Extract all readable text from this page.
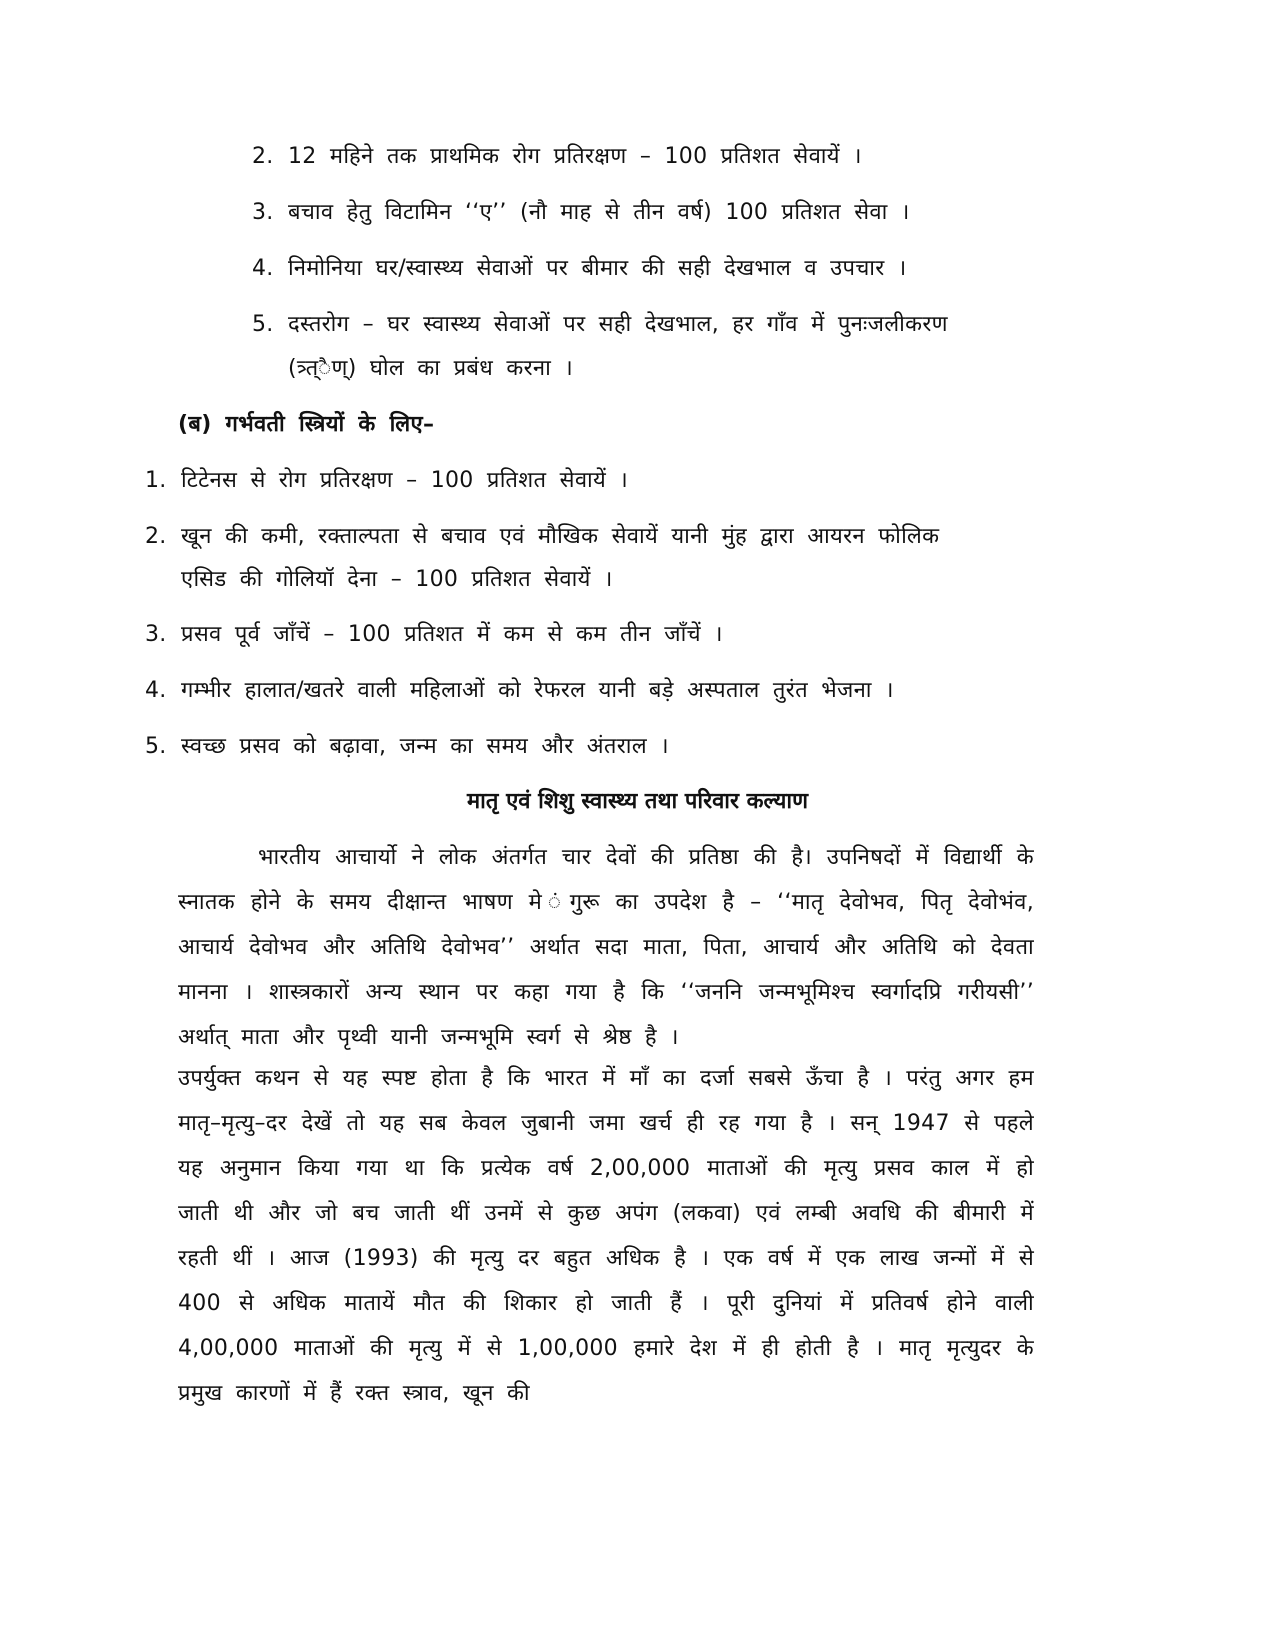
2. 12 महिने तक प्राथमिक रोग प्रतिरक्षण – 100 प्रतिशत सेवायें ।
3. बचाव हेतु विटामिन ‘‘ए’’ (नौ माह से तीन वर्ष) 100 प्रतिशत सेवा ।
4. निमोनिया घर/स्वास्थ्य सेवाओं पर बीमार की सही देखभाल व उपचार ।
5. दस्तरोग – घर स्वास्थ्य सेवाओं पर सही देखभाल, हर गाँव में पुनःजलीकरण
(त्र्त्ैण्) घोल का प्रबंध करना ।
(ब) गर्भवती स्त्रियों के लिए–
1. टिटेनस से रोग प्रतिरक्षण – 100 प्रतिशत सेवायें ।
2. खून की कमी, रक्ताल्पता से बचाव एवं मौखिक सेवायें यानी मुंह द्वारा आयरन फोलिक
एसिड की गोलियॉ देना – 100 प्रतिशत सेवायें ।
3. प्रसव पूर्व जाँचें – 100 प्रतिशत में कम से कम तीन जाँचें ।
4. गम्भीर हालात/खतरे वाली महिलाओं को रेफरल यानी बड़े अस्पताल तुरंत भेजना ।
5. स्वच्छ प्रसव को बढ़ावा, जन्म का समय और अंतराल ।
मातृ एवं शिशु स्वास्थ्य तथा परिवार कल्याण
भारतीय आचार्यो ने लोक अंतर्गत चार देवों की प्रतिष्ठा की है। उपनिषदों में विद्यार्थी के स्नातक होने के समय दीक्षान्त भाषण मे ंगुरू का उपदेश है – ‘‘मातृ देवोभव, पितृ देवोभंव, आचार्य देवोभव और अतिथि देवोभव’’ अर्थात सदा माता, पिता, आचार्य और अतिथि को देवता मानना । शास्त्रकारों अन्य स्थान पर कहा गया है कि ‘‘जननि जन्मभूमिश्च स्वर्गादप्रि गरीयसी’’ अर्थात् माता और पृथ्वी यानी जन्मभूमि स्वर्ग से श्रेष्ठ है ।
उपर्युक्त कथन से यह स्पष्ट होता है कि भारत में माँ का दर्जा सबसे ऊँचा है । परंतु अगर हम मातृ–मृत्यु–दर देखें तो यह सब केवल जुबानी जमा खर्च ही रह गया है । सन् 1947 से पहले यह अनुमान किया गया था कि प्रत्येक वर्ष 2,00,000 माताओं की मृत्यु प्रसव काल में हो जाती थी और जो बच जाती थीं उनमें से कुछ अपंग (लकवा) एवं लम्बी अवधि की बीमारी में रहती थीं । आज (1993) की मृत्यु दर बहुत अधिक है । एक वर्ष में एक लाख जन्मों में से 400 से अधिक मातायें मौत की शिकार हो जाती हैं । पूरी दुनियां में प्रतिवर्ष होने वाली 4,00,000 माताओं की मृत्यु में से 1,00,000 हमारे देश में ही होती है । मातृ मृत्युदर के प्रमुख कारणों में हैं रक्त स्त्राव, खून की
